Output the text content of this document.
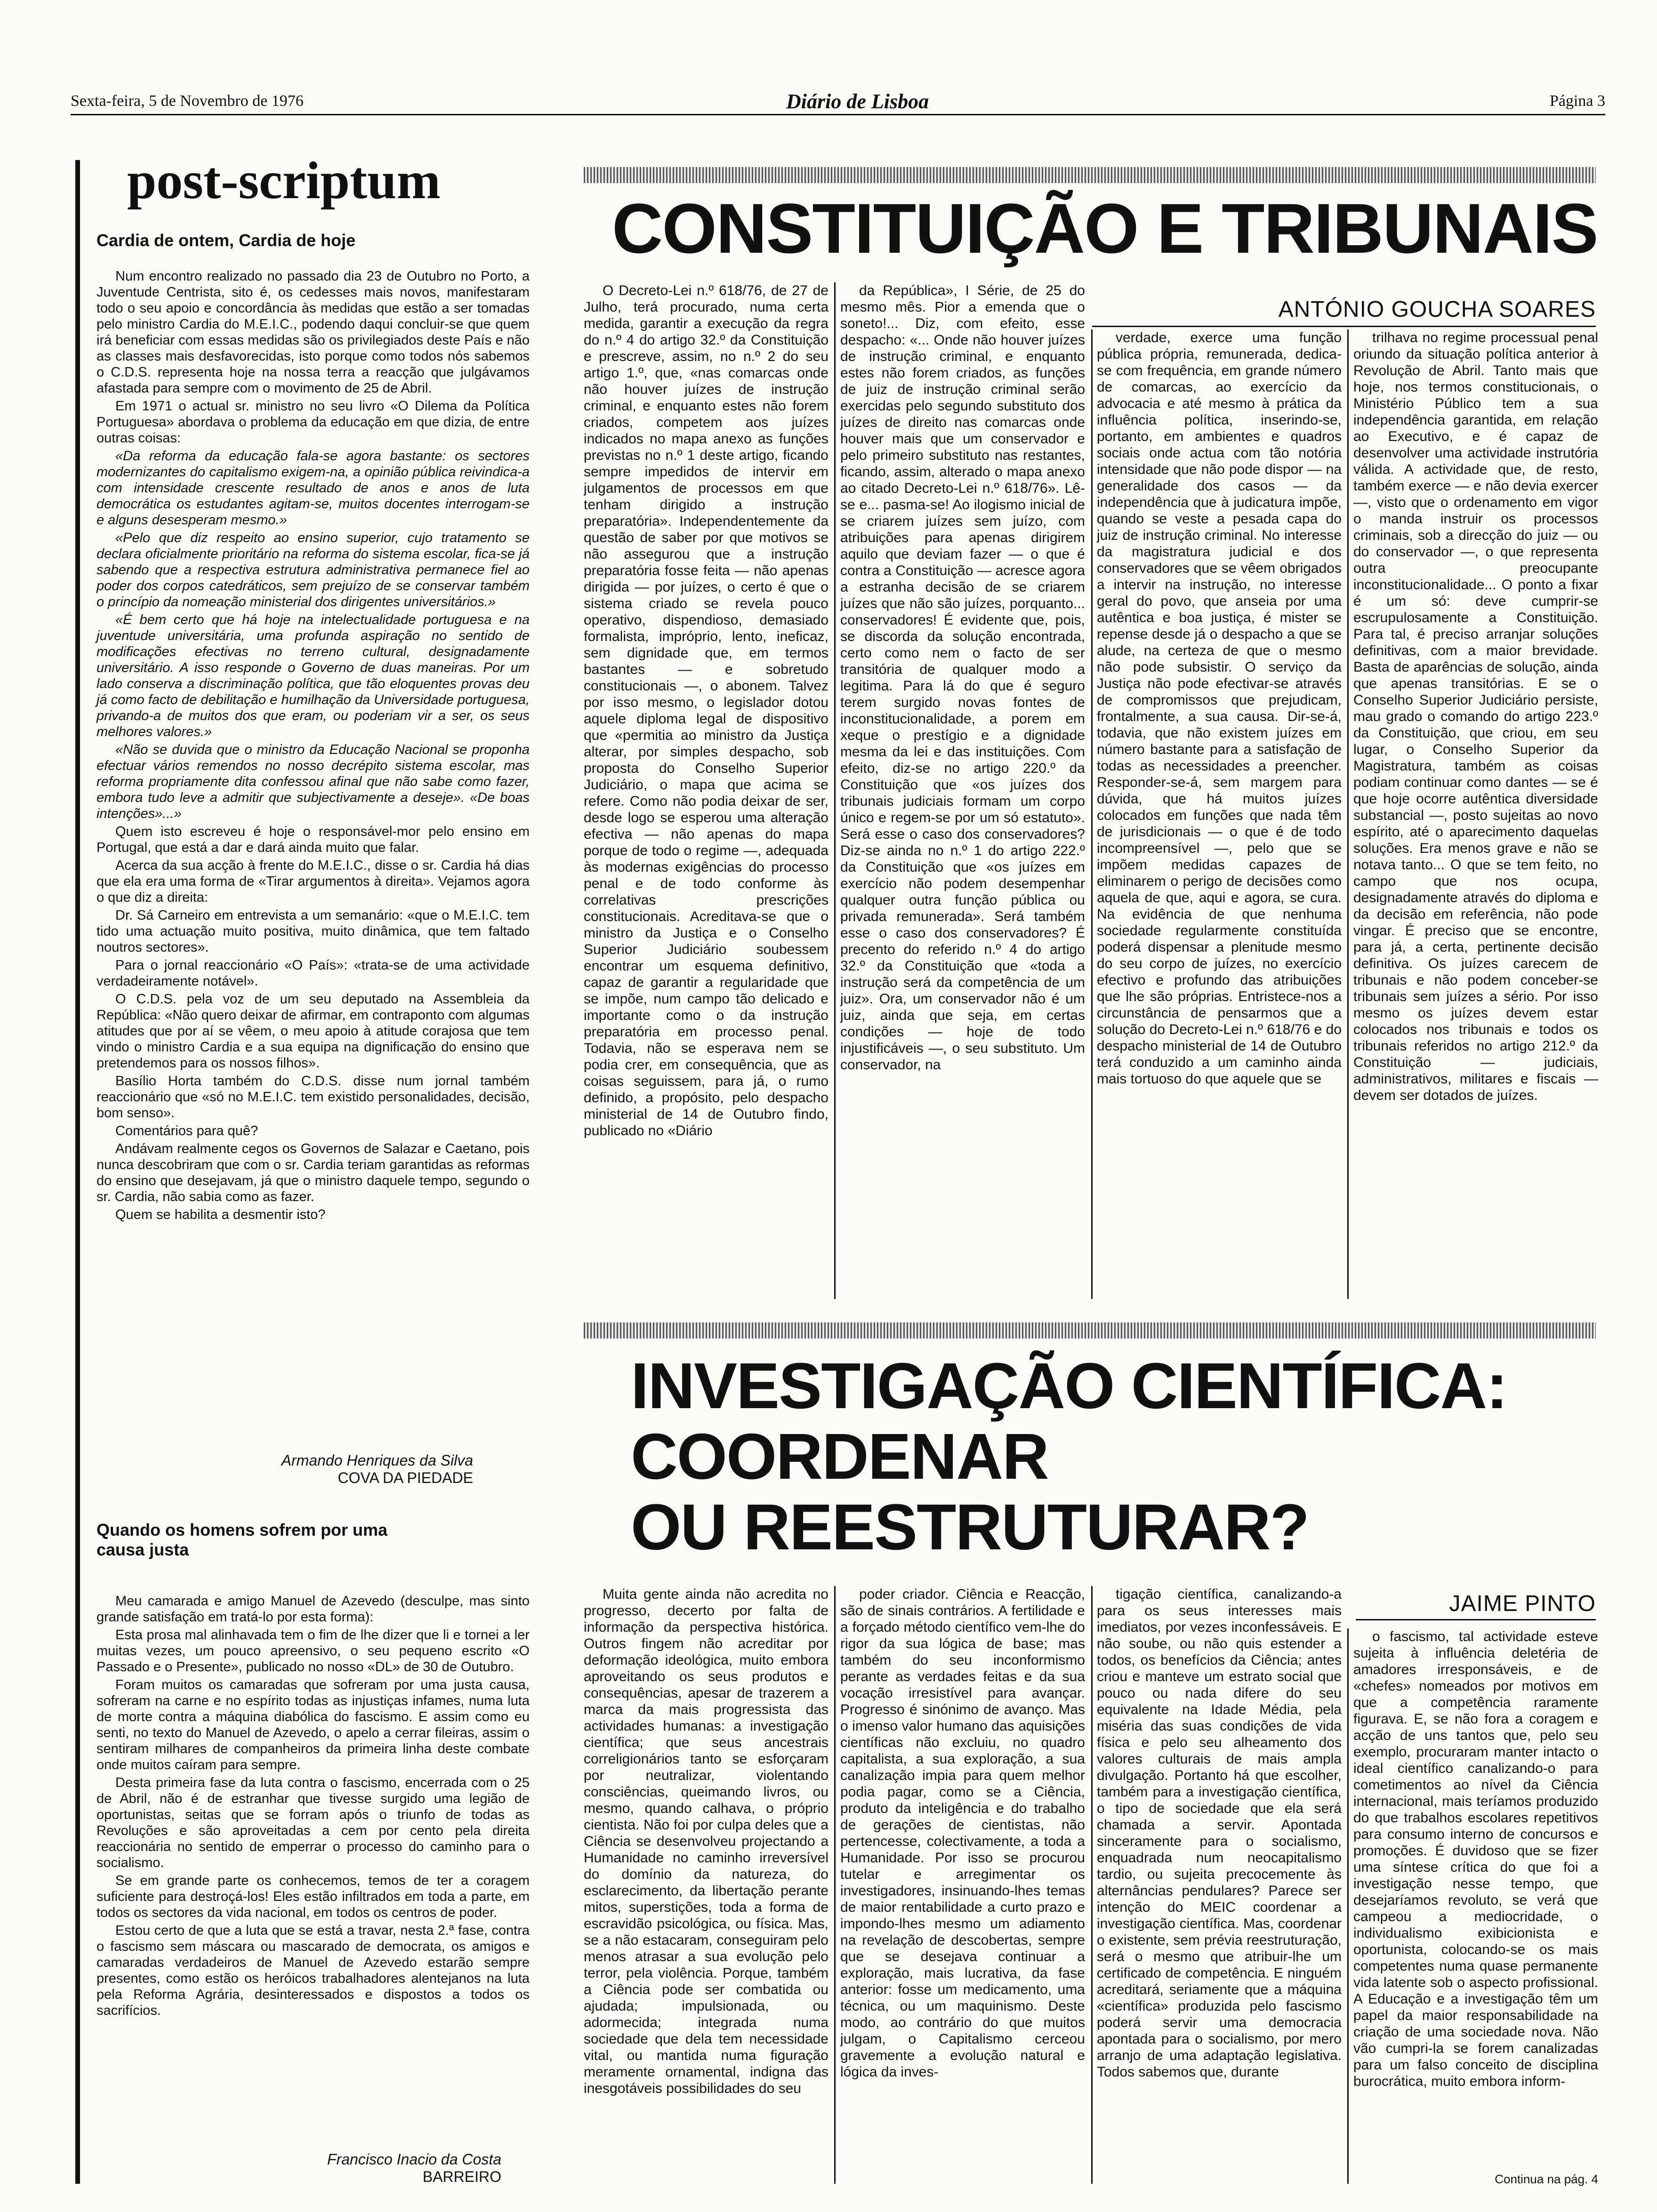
Sexta-feira, 5 de Novembro de 1976	Diário de Lisboa	Página 3
post-scriptum
Cardia de ontem, Cardia de hoje

Num encontro realizado no passado dia 23 de Outubro no Porto, a Juventude Centrista, sito é, os cedesses mais novos, manifestaram todo o seu apoio e concordância às medidas que estão a ser tomadas pelo ministro Cardia do M.E.I.C., podendo daqui concluir-se que quem irá beneficiar com essas medidas são os privilegiados deste País e não as classes mais desfavorecidas, isto porque como todos nós sabemos o C.D.S. representa hoje na nossa terra a reacção que julgávamos afastada para sempre com o movimento de 25 de Abril.

Em 1971 o actual sr. ministro no seu livro «O Dilema da Política Portuguesa» abordava o problema da educação em que dizia, de entre outras coisas:

«Da reforma da educação fala-se agora bastante: os sectores modernizantes do capitalismo exigem-na, a opinião pública reivindica-a com intensidade crescente resultado de anos e anos de luta democrática os estudantes agitam-se, muitos docentes interrogam-se e alguns desesperam mesmo.»

«Pelo que diz respeito ao ensino superior, cujo tratamento se declara oficialmente prioritário na reforma do sistema escolar, fica-se já sabendo que a respectiva estrutura administrativa permanece fiel ao poder dos corpos catedráticos, sem prejuízo de se conservar também o princípio da nomeação ministerial dos dirigentes universitários.»

«É bem certo que há hoje na intelectualidade portuguesa e na juventude universitária, uma profunda aspiração no sentido de modificações efectivas no terreno cultural, designadamente universitário. A isso responde o Governo de duas maneiras. Por um lado conserva a discriminação política, que tão eloquentes provas deu já como facto de debilitação e humilhação da Universidade portuguesa, privando-a de muitos dos que eram, ou poderiam vir a ser, os seus melhores valores.»

«Não se duvida que o ministro da Educação Nacional se proponha efectuar vários remendos no nosso decrépito sistema escolar, mas reforma propriamente dita confessou afinal que não sabe como fazer, embora tudo leve a admitir que subjectivamente a deseje». «De boas intenções»...»

Quem isto escreveu é hoje o responsável-mor pelo ensino em Portugal, que está a dar e dará ainda muito que falar.

Acerca da sua acção à frente do M.E.I.C., disse o sr. Cardia há dias que ela era uma forma de «Tirar argumentos à direita». Vejamos agora o que diz a direita:

Dr. Sá Carneiro em entrevista a um semanário: «que o M.E.I.C. tem tido uma actuação muito positiva, muito dinâmica, que tem faltado noutros sectores».

Para o jornal reaccionário «O País»: «trata-se de uma actividade verdadeiramente notável».

O C.D.S. pela voz de um seu deputado na Assembleia da República: «Não quero deixar de afirmar, em contraponto com algumas atitudes que por aí se vêem, o meu apoio à atitude corajosa que tem vindo o ministro Cardia e a sua equipa na dignificação do ensino que pretendemos para os nossos filhos».

Basílio Horta também do C.D.S. disse num jornal também reaccionário que «só no M.E.I.C. tem existido personalidades, decisão, bom senso».

Comentários para quê?

Andávam realmente cegos os Governos de Salazar e Caetano, pois nunca descobriram que com o sr. Cardia teriam garantidas as reformas do ensino que desejavam, já que o ministro daquele tempo, segundo o sr. Cardia, não sabia como as fazer.

Quem se habilita a desmentir isto?

Armando Henriques da Silva
COVA DA PIEDADE
Quando os homens sofrem por uma causa justa

Meu camarada e amigo Manuel de Azevedo (desculpe, mas sinto grande satisfação em tratá-lo por esta forma):

Esta prosa mal alinhavada tem o fim de lhe dizer que li e tornei a ler muitas vezes, um pouco apreensivo, o seu pequeno escrito «O Passado e o Presente», publicado no nosso «DL» de 30 de Outubro.

Foram muitos os camaradas que sofreram por uma justa causa, sofreram na carne e no espírito todas as injustiças infames, numa luta de morte contra a máquina diabólica do fascismo. E assim como eu senti, no texto do Manuel de Azevedo, o apelo a cerrar fileiras, assim o sentiram milhares de companheiros da primeira linha deste combate onde muitos caíram para sempre.

Desta primeira fase da luta contra o fascismo, encerrada com o 25 de Abril, não é de estranhar que tivesse surgido uma legião de oportunistas, seitas que se forram após o triunfo de todas as Revoluções e são aproveitadas a cem por cento pela direita reaccionária no sentido de emperrar o processo do caminho para o socialismo.

Se em grande parte os conhecemos, temos de ter a coragem suficiente para destroçá-los! Eles estão infiltrados em toda a parte, em todos os sectores da vida nacional, em todos os centros de poder.

Estou certo de que a luta que se está a travar, nesta 2.ª fase, contra o fascismo sem máscara ou mascarado de democrata, os amigos e camaradas verdadeiros de Manuel de Azevedo estarão sempre presentes, como estão os heróicos trabalhadores alentejanos na luta pela Reforma Agrária, desinteressados e dispostos a todos os sacrifícios.

Francisco Inacio da Costa
BARREIRO
CONSTITUIÇÃO E TRIBUNAIS
ANTÓNIO GOUCHA SOARES

O Decreto-Lei n.º 618/76, de 27 de Julho, terá procurado, numa certa medida, garantir a execução da regra do n.º 4 do artigo 32.º da Constituição e prescreve, assim, no n.º 2 do seu artigo 1.º, que, «nas comarcas onde não houver juízes de instrução criminal, e enquanto estes não forem criados, competem aos juízes indicados no mapa anexo as funções previstas no n.º 1 deste artigo, ficando sempre impedidos de intervir em julgamentos de processos em que tenham dirigido a instrução preparatória». Independentemente da questão de saber por que motivos se não assegurou que a instrução preparatória fosse feita — não apenas dirigida — por juízes, o certo é que o sistema criado se revela pouco operativo, dispendioso, demasiado formalista, impróprio, lento, ineficaz, sem dignidade que, em termos bastantes — e sobretudo constitucionais —, o abonem. Talvez por isso mesmo, o legislador dotou aquele diploma legal de dispositivo que «permitia ao ministro da Justiça alterar, por simples despacho, sob proposta do Conselho Superior Judiciário, o mapa que acima se refere. Como não podia deixar de ser, desde logo se esperou uma alteração efectiva — não apenas do mapa porque de todo o regime —, adequada às modernas exigências do processo penal e de todo conforme às correlativas prescrições constitucionais. Acreditava-se que o ministro da Justiça e o Conselho Superior Judiciário soubessem encontrar um esquema definitivo, capaz de garantir a regularidade que se impõe, num campo tão delicado e importante como o da instrução preparatória em processo penal. Todavia, não se esperava nem se podia crer, em consequência, que as coisas seguissem, para já, o rumo definido, a propósito, pelo despacho ministerial de 14 de Outubro findo, publicado no «Diário

da República», I Série, de 25 do mesmo mês. Pior a emenda que o soneto!... Diz, com efeito, esse despacho: «... Onde não houver juízes de instrução criminal, e enquanto estes não forem criados, as funções de juiz de instrução criminal serão exercidas pelo segundo substituto dos juízes de direito nas comarcas onde houver mais que um conservador e pelo primeiro substituto nas restantes, ficando, assim, alterado o mapa anexo ao citado Decreto-Lei n.º 618/76». Lê-se e... pasma-se! Ao ilogismo inicial de se criarem juízes sem juízo, com atribuições para apenas dirigirem aquilo que deviam fazer — o que é contra a Constituição — acresce agora a estranha decisão de se criarem juízes que não são juízes, porquanto... conservadores! É evidente que, pois, se discorda da solução encontrada, certo como nem o facto de ser transitória de qualquer modo a legitima. Para lá do que é seguro terem surgido novas fontes de inconstitucionalidade, a porem em xeque o prestígio e a dignidade mesma da lei e das instituições. Com efeito, diz-se no artigo 220.º da Constituição que «os juízes dos tribunais judiciais formam um corpo único e regem-se por um só estatuto». Será esse o caso dos conservadores? Diz-se ainda no n.º 1 do artigo 222.º da Constituição que «os juízes em exercício não podem desempenhar qualquer outra função pública ou privada remunerada». Será também esse o caso dos conservadores? É precento do referido n.º 4 do artigo 32.º da Constituição que «toda a instrução será da competência de um juiz». Ora, um conservador não é um juiz, ainda que seja, em certas condições — hoje de todo injustificáveis —, o seu substituto. Um conservador, na

verdade, exerce uma função pública própria, remunerada, dedica-se com frequência, em grande número de comarcas, ao exercício da advocacia e até mesmo à prática da influência política, inserindo-se, portanto, em ambientes e quadros sociais onde actua com tão notória intensidade que não pode dispor — na generalidade dos casos — da independência que à judicatura impõe, quando se veste a pesada capa do juiz de instrução criminal. No interesse da magistratura judicial e dos conservadores que se vêem obrigados a intervir na instrução, no interesse geral do povo, que anseia por uma autêntica e boa justiça, é mister se repense desde já o despacho a que se alude, na certeza de que o mesmo não pode subsistir. O serviço da Justiça não pode efectivar-se através de compromissos que prejudicam, frontalmente, a sua causa. Dir-se-á, todavia, que não existem juízes em número bastante para a satisfação de todas as necessidades a preencher. Responder-se-á, sem margem para dúvida, que há muitos juízes colocados em funções que nada têm de jurisdicionais — o que é de todo incompreensível —, pelo que se impõem medidas capazes de eliminarem o perigo de decisões como aquela de que, aqui e agora, se cura. Na evidência de que nenhuma sociedade regularmente constituída poderá dispensar a plenitude mesmo do seu corpo de juízes, no exercício efectivo e profundo das atribuições que lhe são próprias. Entristece-nos a circunstância de pensarmos que a solução do Decreto-Lei n.º 618/76 e do despacho ministerial de 14 de Outubro terá conduzido a um caminho ainda mais tortuoso do que aquele que se

trilhava no regime processual penal oriundo da situação política anterior à Revolução de Abril. Tanto mais que hoje, nos termos constitucionais, o Ministério Público tem a sua independência garantida, em relação ao Executivo, e é capaz de desenvolver uma actividade instrutória válida. A actividade que, de resto, também exerce — e não devia exercer —, visto que o ordenamento em vigor o manda instruir os processos criminais, sob a direcção do juiz — ou do conservador —, o que representa outra preocupante inconstitucionalidade... O ponto a fixar é um só: deve cumprir-se escrupulosamente a Constituição. Para tal, é preciso arranjar soluções definitivas, com a maior brevidade. Basta de aparências de solução, ainda que apenas transitórias. E se o Conselho Superior Judiciário persiste, mau grado o comando do artigo 223.º da Constituição, que criou, em seu lugar, o Conselho Superior da Magistratura, também as coisas podiam continuar como dantes — se é que hoje ocorre autêntica diversidade substancial —, posto sujeitas ao novo espírito, até o aparecimento daquelas soluções. Era menos grave e não se notava tanto... O que se tem feito, no campo que nos ocupa, designadamente através do diploma e da decisão em referência, não pode vingar. É preciso que se encontre, para já, a certa, pertinente decisão definitiva. Os juízes carecem de tribunais e não podem conceber-se tribunais sem juízes a sério. Por isso mesmo os juízes devem estar colocados nos tribunais e todos os tribunais referidos no artigo 212.º da Constituição — judiciais, administrativos, militares e fiscais — devem ser dotados de juízes.

INVESTIGAÇÃO CIENTÍFICA:
COORDENAR
OU REESTRUTURAR?
JAIME PINTO

Muita gente ainda não acredita no progresso, decerto por falta de informação da perspectiva histórica. Outros fingem não acreditar por deformação ideológica, muito embora aproveitando os seus produtos e consequências, apesar de trazerem a marca da mais progressista das actividades humanas: a investigação científica; que seus ancestrais correligionários tanto se esforçaram por neutralizar, violentando consciências, queimando livros, ou mesmo, quando calhava, o próprio cientista. Não foi por culpa deles que a Ciência se desenvolveu projectando a Humanidade no caminho irreversível do domínio da natureza, do esclarecimento, da libertação perante mitos, superstições, toda a forma de escravidão psicológica, ou física. Mas, se a não estacaram, conseguiram pelo menos atrasar a sua evolução pelo terror, pela violência. Porque, também a Ciência pode ser combatida ou ajudada; impulsionada, ou adormecida; integrada numa sociedade que dela tem necessidade vital, ou mantida numa figuração meramente ornamental, indigna das inesgotáveis possibilidades do seu

poder criador. Ciência e Reacção, são de sinais contrários. A fertilidade e a forçado método científico vem-lhe do rigor da sua lógica de base; mas também do seu inconformismo perante as verdades feitas e da sua vocação irresistível para avançar. Progresso é sinónimo de avanço. Mas o imenso valor humano das aquisições científicas não excluiu, no quadro capitalista, a sua exploração, a sua canalização impia para quem melhor podia pagar, como se a Ciência, produto da inteligência e do trabalho de gerações de cientistas, não pertencesse, colectivamente, a toda a Humanidade. Por isso se procurou tutelar e arregimentar os investigadores, insinuando-lhes temas de maior rentabilidade a curto prazo e impondo-lhes mesmo um adiamento na revelação de descobertas, sempre que se desejava continuar a exploração, mais lucrativa, da fase anterior: fosse um medicamento, uma técnica, ou um maquinismo. Deste modo, ao contrário do que muitos julgam, o Capitalismo cerceou gravemente a evolução natural e lógica da inves-

tigação científica, canalizando-a para os seus interesses mais imediatos, por vezes inconfessáveis. E não soube, ou não quis estender a todos, os benefícios da Ciência; antes criou e manteve um estrato social que pouco ou nada difere do seu equivalente na Idade Média, pela miséria das suas condições de vida física e pelo seu alheamento dos valores culturais de mais ampla divulgação. Portanto há que escolher, também para a investigação científica, o tipo de sociedade que ela será chamada a servir. Apontada sinceramente para o socialismo, enquadrada num neocapitalismo tardio, ou sujeita precocemente às alternâncias pendulares? Parece ser intenção do MEIC coordenar a investigação científica. Mas, coordenar o existente, sem prévia reestruturação, será o mesmo que atribuir-lhe um certificado de competência. E ninguém acreditará, seriamente que a máquina «científica» produzida pelo fascismo poderá servir uma democracia apontada para o socialismo, por mero arranjo de uma adaptação legislativa. Todos sabemos que, durante

o fascismo, tal actividade esteve sujeita à influência deletéria de amadores irresponsáveis, e de «chefes» nomeados por motivos em que a competência raramente figurava. E, se não fora a coragem e acção de uns tantos que, pelo seu exemplo, procuraram manter intacto o ideal científico canalizando-o para cometimentos ao nível da Ciência internacional, mais teríamos produzido do que trabalhos escolares repetitivos para consumo interno de concursos e promoções. É duvidoso que se fizer uma síntese crítica do que foi a investigação nesse tempo, que desejaríamos revoluto, se verá que campeou a mediocridade, o individualismo exibicionista e oportunista, colocando-se os mais competentes numa quase permanente vida latente sob o aspecto profissional. A Educação e a investigação têm um papel da maior responsabilidade na criação de uma sociedade nova. Não vão cumpri-la se forem canalizadas para um falso conceito de disciplina burocrática, muito embora inform-

Continua na pág. 4
